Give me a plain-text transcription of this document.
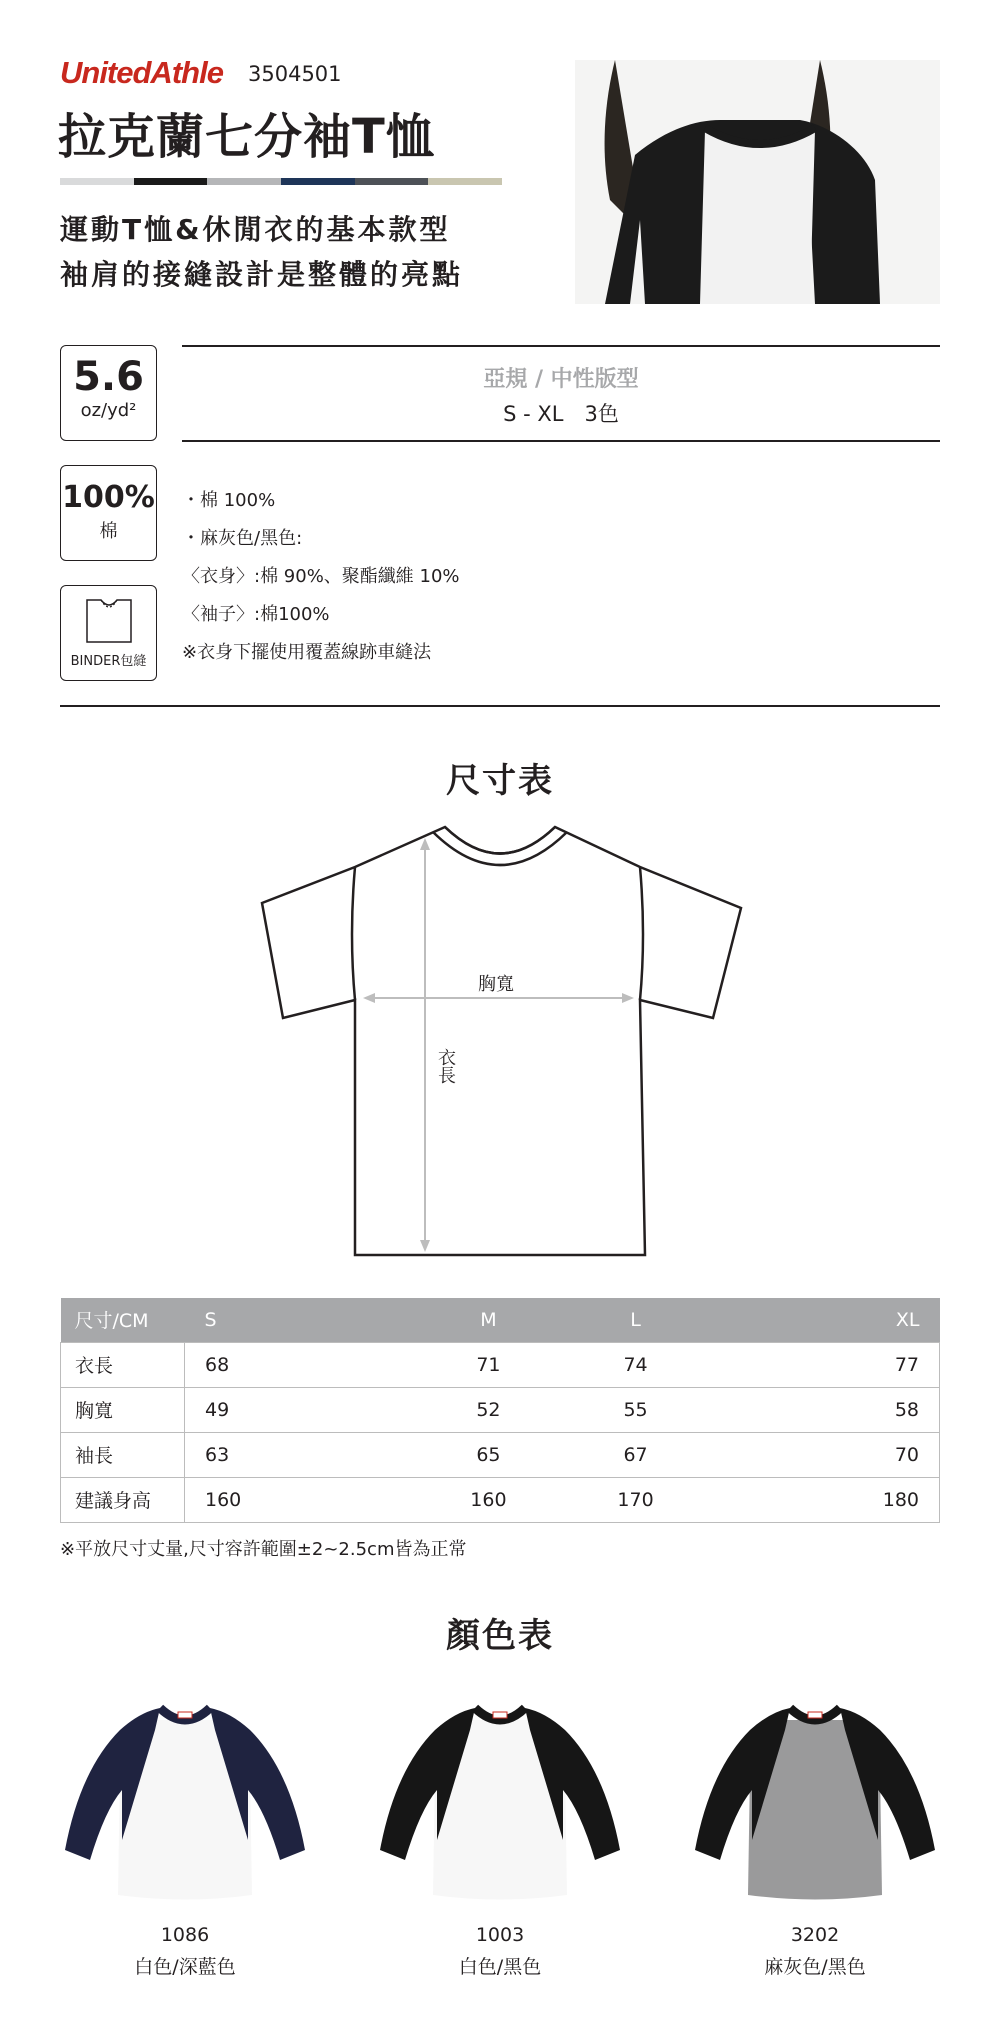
UnitedAthle 3504501
拉克蘭七分袖T恤
運動T恤&休閒衣的基本款型
袖肩的接縫設計是整體的亮點
5.6
oz/yd²
亞規 / 中性版型
S - XL　3色
100%
棉
BINDER包縫
・棉 100%
・麻灰色/黑色:
〈衣身〉:棉 90%、聚酯纖維 10%
〈袖子〉:棉100%
※衣身下擺使用覆蓋線跡車縫法
尺寸表
胸寬
衣長
尺寸/CM	S	M	L	XL
衣長	68	71	74	77
胸寬	49	52	55	58
袖長	63	65	67	70
建議身高	160	160	170	180
※平放尺寸丈量,尺寸容許範圍±2~2.5cm皆為正常
顏色表
1086
白色/深藍色
1003
白色/黑色
3202
麻灰色/黑色
